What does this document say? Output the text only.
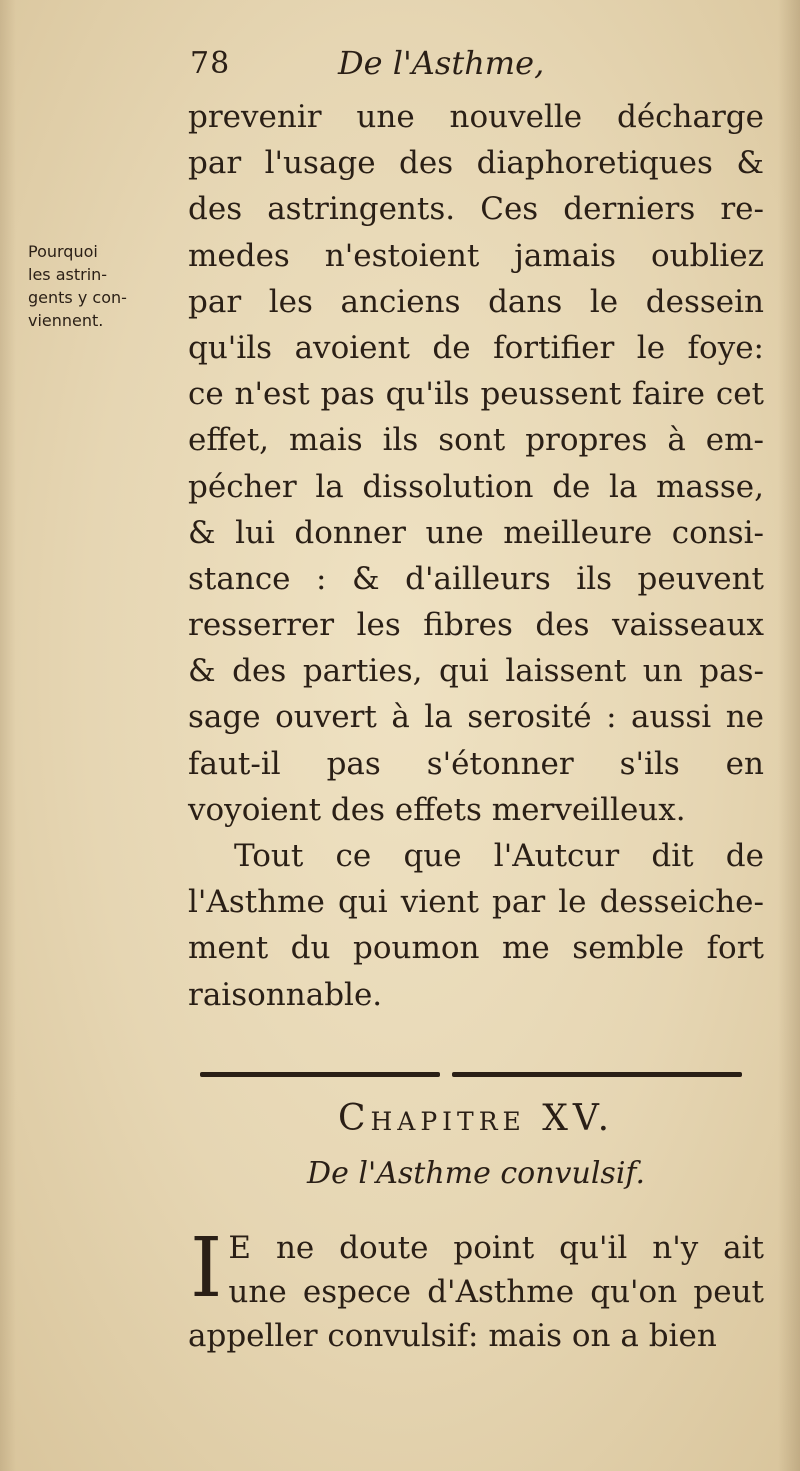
78	De l'Asthme,
Pourquoi
les astrin-
gents y con-
viennent.
prevenir une nouvelle décharge
par l'usage des diaphoretiques &
des astringents. Ces derniers re-
medes n'estoient jamais oubliez
par les anciens dans le dessein
qu'ils avoient de fortifier le foye:
ce n'est pas qu'ils peussent faire cet
effet, mais ils sont propres à em-
pécher la dissolution de la masse,
& lui donner une meilleure consi-
stance : & d'ailleurs ils peuvent
resserrer les fibres des vaisseaux
& des parties, qui laissent un pas-
sage ouvert à la serosité : aussi ne
faut-il pas s'étonner s'ils en
voyoient des effets merveilleux.
Tout ce que l'Autcur dit de
l'Asthme qui vient par le desseiche-
ment du poumon me semble fort
raisonnable.
Chapitre XV.
De l'Asthme convulsif.
I E ne doute point qu'il n'y ait
une espece d'Asthme qu'on peut
appeller convulsif: mais on a bien
